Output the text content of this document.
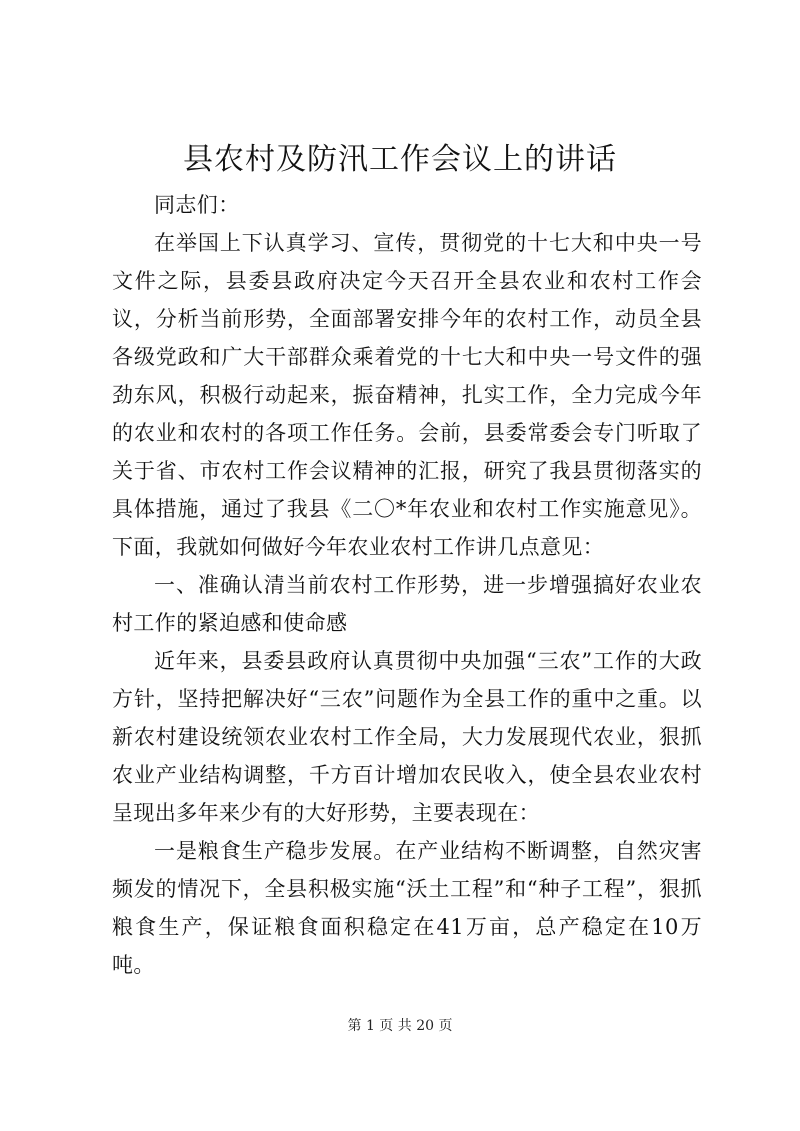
县农村及防汛工作会议上的讲话

同志们：

在举国上下认真学习、宣传，贯彻党的十七大和中央一号文件之际，县委县政府决定今天召开全县农业和农村工作会议，分析当前形势，全面部署安排今年的农村工作，动员全县各级党政和广大干部群众乘着党的十七大和中央一号文件的强劲东风，积极行动起来，振奋精神，扎实工作，全力完成今年的农业和农村的各项工作任务。会前，县委常委会专门听取了关于省、市农村工作会议精神的汇报，研究了我县贯彻落实的具体措施，通过了我县《二〇*年农业和农村工作实施意见》。下面，我就如何做好今年农业农村工作讲几点意见：

一、准确认清当前农村工作形势，进一步增强搞好农业农村工作的紧迫感和使命感

近年来，县委县政府认真贯彻中央加强“三农”工作的大政方针，坚持把解决好“三农”问题作为全县工作的重中之重。以新农村建设统领农业农村工作全局，大力发展现代农业，狠抓农业产业结构调整，千方百计增加农民收入，使全县农业农村呈现出多年来少有的大好形势，主要表现在：

一是粮食生产稳步发展。在产业结构不断调整，自然灾害频发的情况下，全县积极实施“沃土工程”和“种子工程”，狠抓粮食生产，保证粮食面积稳定在41万亩，总产稳定在10万吨。

第 1 页 共 20 页
